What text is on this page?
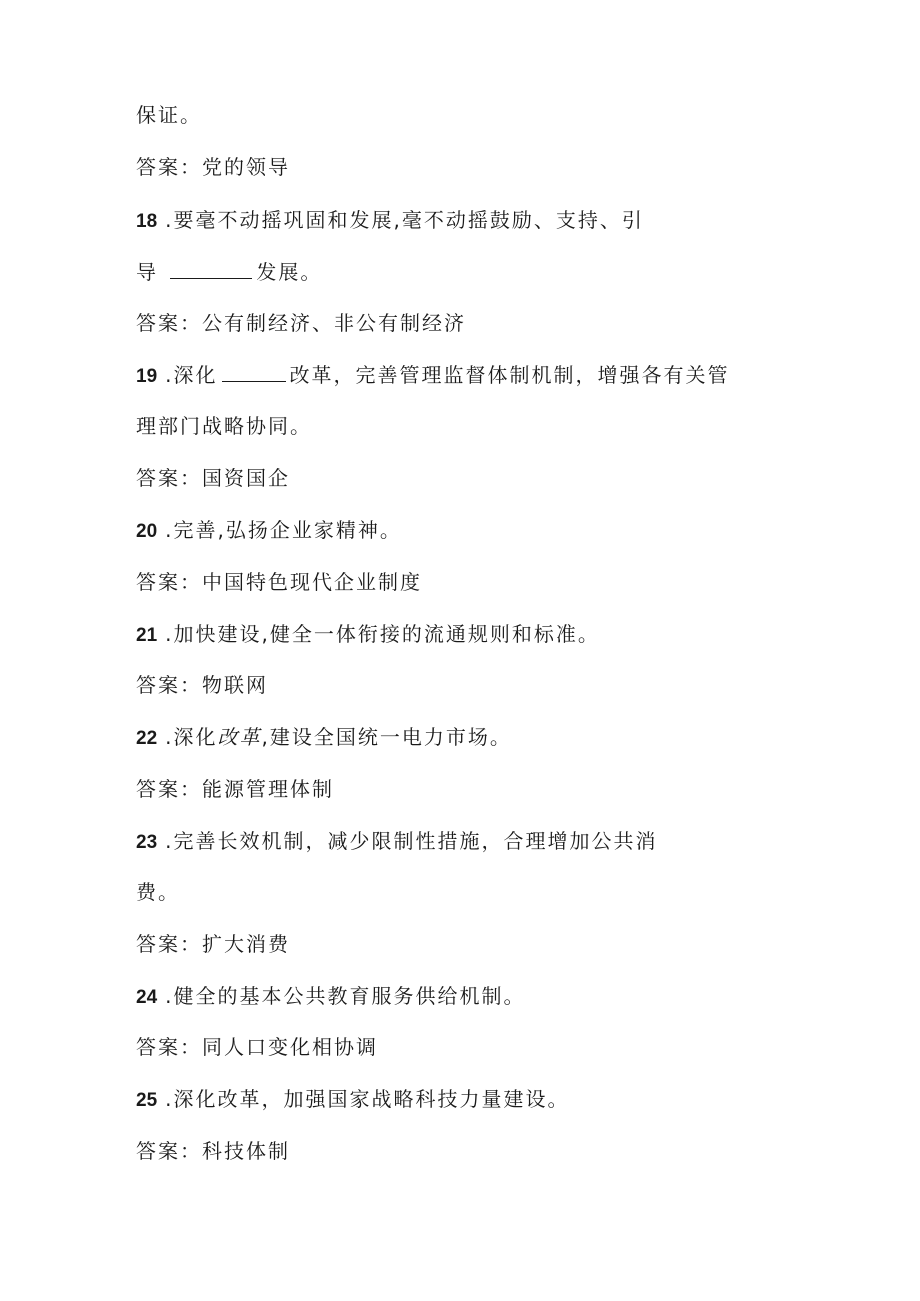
保证。
答案：党的领导
18 .要毫不动摇巩固和发展,毫不动摇鼓励、支持、引
导	发展。
答案：公有制经济、非公有制经济
19 .深化	改革，完善管理监督体制机制，增强各有关管
理部门战略协同。
答案：国资国企
20 .完善,弘扬企业家精神。
答案：中国特色现代企业制度
21 .加快建设,健全一体衔接的流通规则和标准。
答案：物联网
22 .深化改革,建设全国统一电力市场。
答案：能源管理体制
23 .完善长效机制，减少限制性措施，合理增加公共消
费。
答案：扩大消费
24 .健全的基本公共教育服务供给机制。
答案：同人口变化相协调
25 .深化改革，加强国家战略科技力量建设。
答案：科技体制
